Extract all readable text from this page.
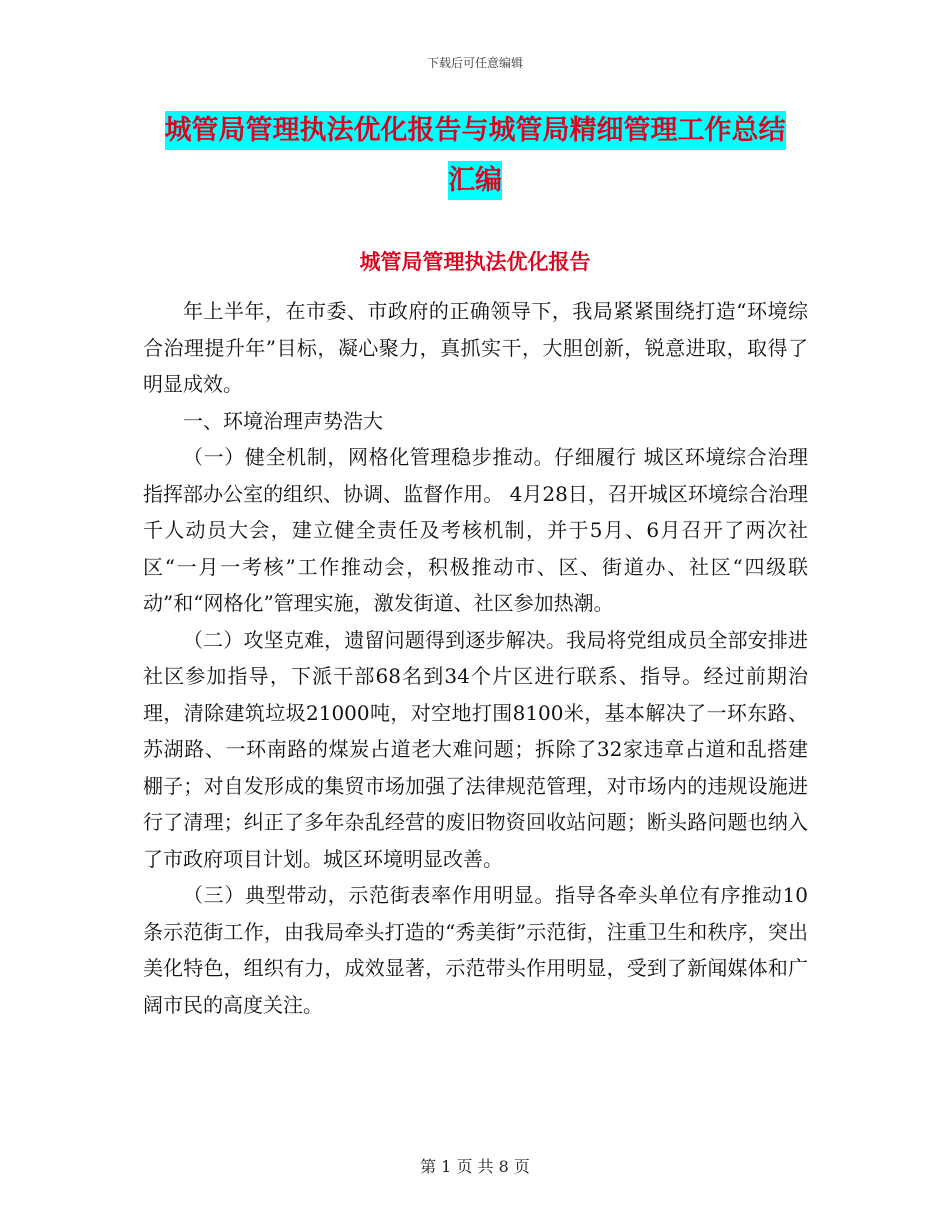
下载后可任意编辑
城管局管理执法优化报告与城管局精细管理工作总结
汇编
城管局管理执法优化报告

年上半年，在市委、市政府的正确领导下，我局紧紧围绕打造“环境综合治理提升年”目标，凝心聚力，真抓实干，大胆创新，锐意进取，取得了明显成效。

一、环境治理声势浩大

（一）健全机制，网格化管理稳步推动。仔细履行 城区环境综合治理指挥部办公室的组织、协调、监督作用。 4月28日，召开城区环境综合治理千人动员大会，建立健全责任及考核机制，并于5月、6月召开了两次社区“一月一考核”工作推动会，积极推动市、区、街道办、社区“四级联动”和“网格化”管理实施，激发街道、社区参加热潮。

（二）攻坚克难，遗留问题得到逐步解决。我局将党组成员全部安排进社区参加指导，下派干部68名到34个片区进行联系、指导。经过前期治理，清除建筑垃圾21000吨，对空地打围8100米，基本解决了一环东路、苏湖路、一环南路的煤炭占道老大难问题；拆除了32家违章占道和乱搭建棚子；对自发形成的集贸市场加强了法律规范管理，对市场内的违规设施进行了清理；纠正了多年杂乱经营的废旧物资回收站问题；断头路问题也纳入了市政府项目计划。城区环境明显改善。

（三）典型带动，示范街表率作用明显。指导各牵头单位有序推动10条示范街工作，由我局牵头打造的“秀美街”示范街，注重卫生和秩序，突出美化特色，组织有力，成效显著，示范带头作用明显，受到了新闻媒体和广阔市民的高度关注。

第 1 页 共 8 页
